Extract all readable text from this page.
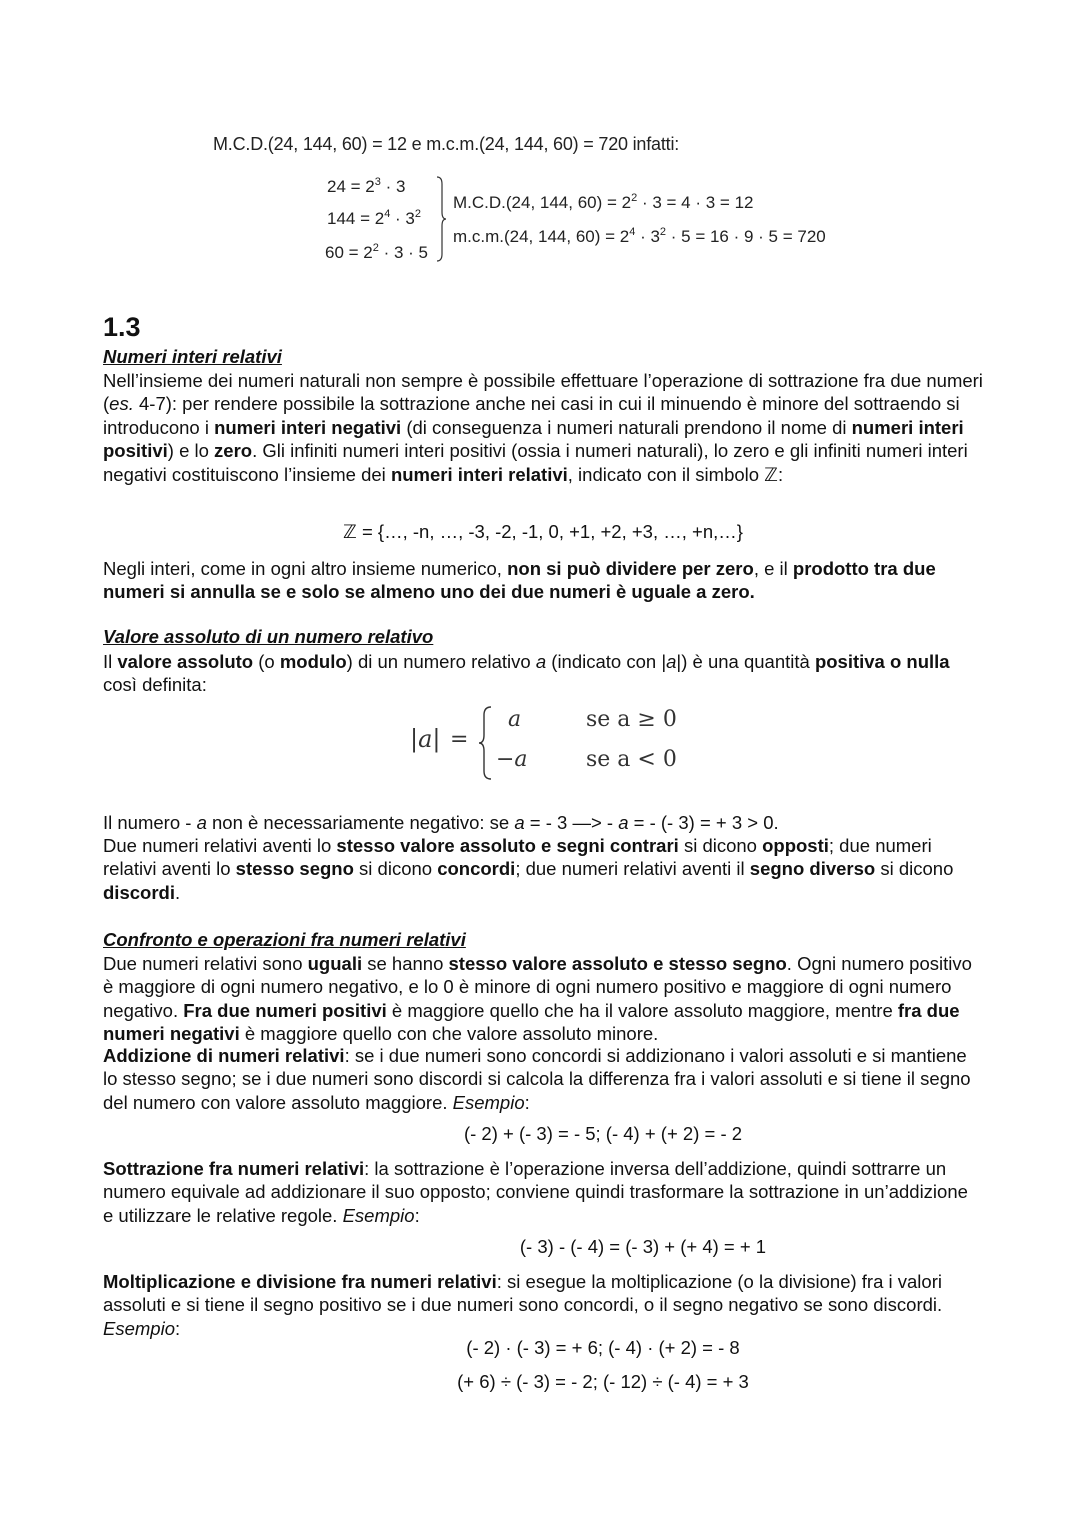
M.C.D.(24, 144, 60) = 12 e m.c.m.(24, 144, 60) = 720 infatti:
$24 = 2^3 \cdot 3$
$144 = 2^4 \cdot 3^2$
$60 = 2^2 \cdot 3 \cdot 5$
M.C.D.(24, 144, $60) = 2^2 \cdot 3 = 4 \cdot 3 = 12$
m.c.m.(24, 144, $60) = 2^4 \cdot 3^2 \cdot 5 = 16 \cdot 9 \cdot 5 = 720$
1.3
Numeri interi relativi
Nell’insieme dei numeri naturali non sempre è possibile effettuare l’operazione di sottrazione fra due numeri (es. 4-7): per rendere possibile la sottrazione anche nei casi in cui il minuendo è minore del sottraendo si introducono i numeri interi negativi (di conseguenza i numeri naturali prendono il nome di numeri interi positivi) e lo zero. Gli infiniti numeri interi positivi (ossia i numeri naturali), lo zero e gli infiniti numeri interi negativi costituiscono l’insieme dei numeri interi relativi, indicato con il simbolo ℤ:
ℤ = {…, -n, …, -3, -2, -1, 0, +1, +2, +3, …, +n,…}
Negli interi, come in ogni altro insieme numerico, non si può dividere per zero, e il prodotto tra due numeri si annulla se e solo se almeno uno dei due numeri è uguale a zero.
Valore assoluto di un numero relativo
Il valore assoluto (o modulo) di un numero relativo a (indicato con |a|) è una quantità positiva o nulla così definita:
|a| =
a	se a ≥ 0
−a	se a < 0
Il numero - a non è necessariamente negativo: se a = - 3 —> - a = - (- 3) = + 3 > 0.
Due numeri relativi aventi lo stesso valore assoluto e segni contrari si dicono opposti; due numeri relativi aventi lo stesso segno si dicono concordi; due numeri relativi aventi il segno diverso si dicono discordi.
Confronto e operazioni fra numeri relativi
Due numeri relativi sono uguali se hanno stesso valore assoluto e stesso segno. Ogni numero positivo è maggiore di ogni numero negativo, e lo 0 è minore di ogni numero positivo e maggiore di ogni numero negativo. Fra due numeri positivi è maggiore quello che ha il valore assoluto maggiore, mentre fra due numeri negativi è maggiore quello con che valore assoluto minore.
Addizione di numeri relativi: se i due numeri sono concordi si addizionano i valori assoluti e si mantiene lo stesso segno; se i due numeri sono discordi si calcola la differenza fra i valori assoluti e si tiene il segno del numero con valore assoluto maggiore. Esempio:
(- 2) + (- 3) = - 5; (- 4) + (+ 2) = - 2
Sottrazione fra numeri relativi: la sottrazione è l’operazione inversa dell’addizione, quindi sottrarre un numero equivale ad addizionare il suo opposto; conviene quindi trasformare la sottrazione in un’addizione e utilizzare le relative regole. Esempio:
(- 3) - (- 4) = (- 3) + (+ 4) = + 1
Moltiplicazione e divisione fra numeri relativi: si esegue la moltiplicazione (o la divisione) fra i valori assoluti e si tiene il segno positivo se i due numeri sono concordi, o il segno negativo se sono discordi. Esempio:
(- 2) · (- 3) = + 6; (- 4) · (+ 2) = - 8
(+ 6) ÷ (- 3) = - 2; (- 12) ÷ (- 4) = + 3
